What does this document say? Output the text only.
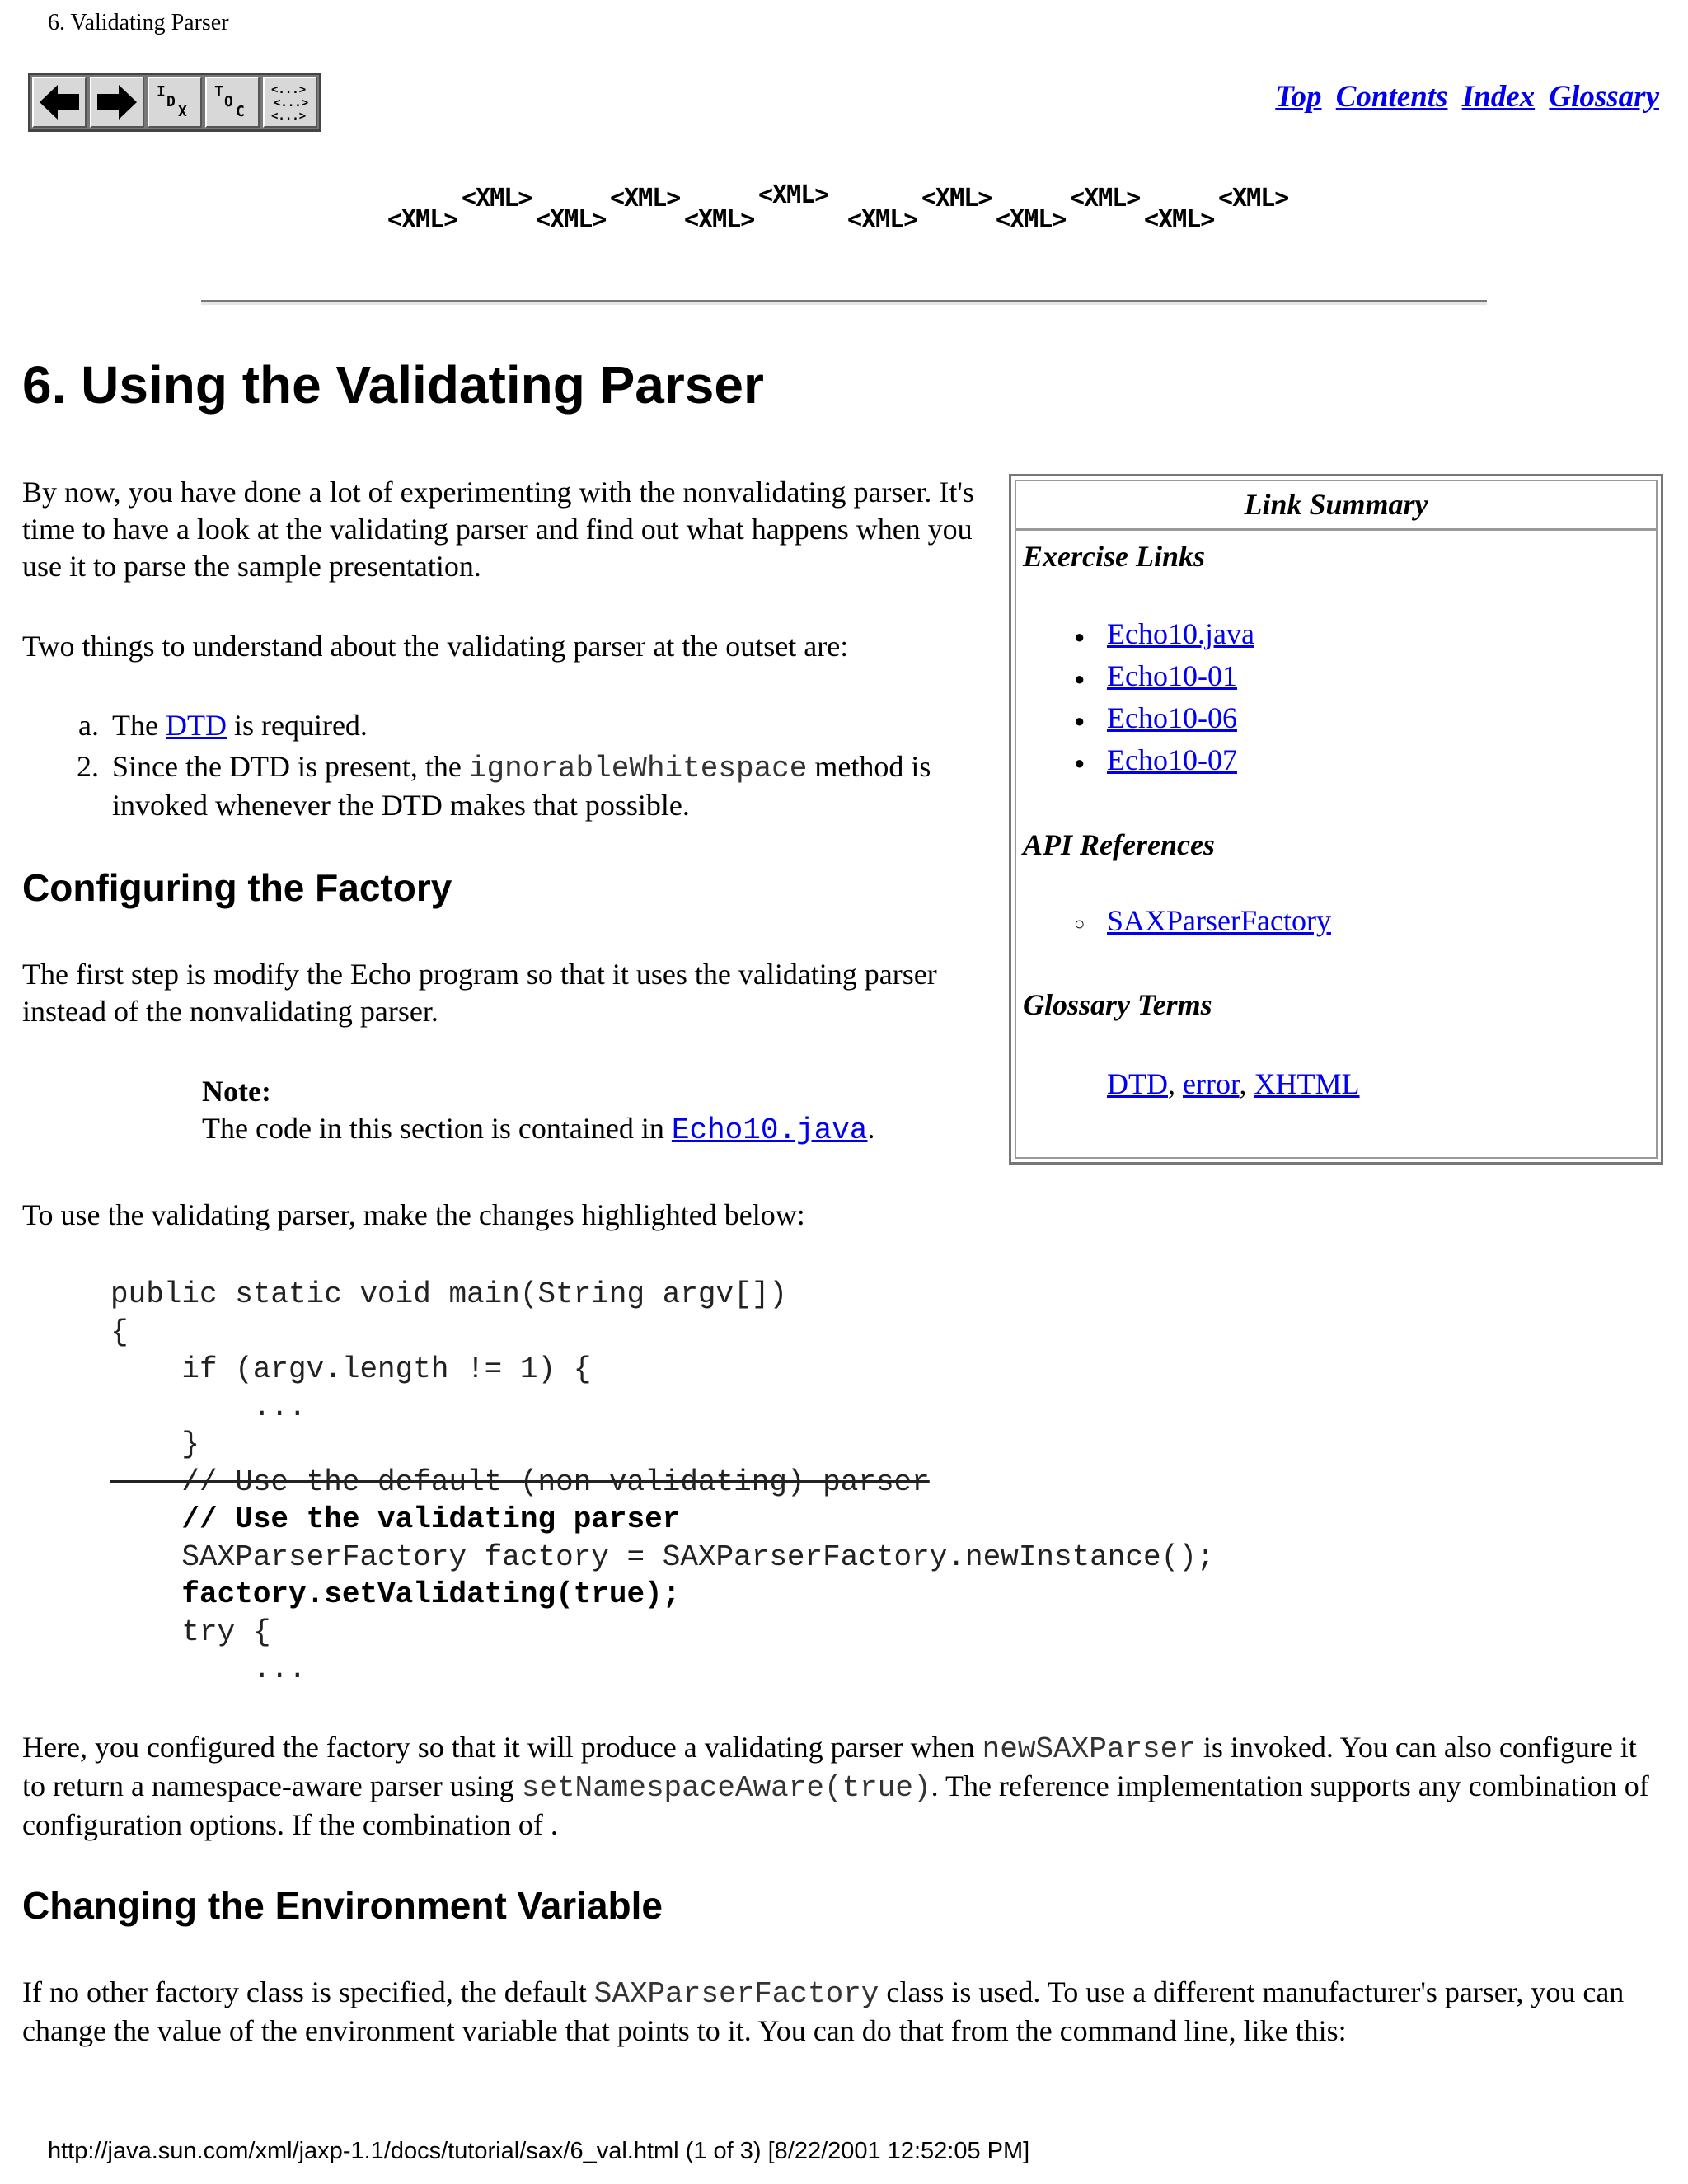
6. Validating Parser
I
D
X
T
O
C
<...>
<...>
<...>
Top Contents Index Glossary
<XML>
<XML>
<XML>
<XML>
<XML>
<XML>
<XML>
<XML>
<XML>
<XML>
<XML>
<XML>
6. Using the Validating Parser

By now, you have done a lot of experimenting with the nonvalidating parser. It's time to have a look at the validating parser and find out what happens when you use it to parse the sample presentation.

Two things to understand about the validating parser at the outset are:

a. The DTD is required.
2. Since the DTD is present, the ignorableWhitespace method is
invoked whenever the DTD makes that possible.
Configuring the Factory

The first step is modify the Echo program so that it uses the validating parser instead of the nonvalidating parser.

Note:
The code in this section is contained in Echo10.java.

To use the validating parser, make the changes highlighted below:

public static void main(String argv[])
{
if (argv.length != 1) {
...
}
// Use the default (non-validating) parser
// Use the validating parser
SAXParserFactory factory = SAXParserFactory.newInstance();
factory.setValidating(true);
try {
...

Here, you configured the factory so that it will produce a validating parser when newSAXParser is invoked. You can also configure it to return a namespace-aware parser using setNamespaceAware(true). The reference implementation supports any combination of configuration options. If the combination of .

Changing the Environment Variable

If no other factory class is specified, the default SAXParserFactory class is used. To use a different manufacturer's parser, you can change the value of the environment variable that points to it. You can do that from the command line, like this:

Link Summary
Exercise Links
● Echo10.java
● Echo10-01
● Echo10-06
● Echo10-07
API References
○ SAXParserFactory
Glossary Terms
DTD, error, XHTML
http://java.sun.com/xml/jaxp-1.1/docs/tutorial/sax/6_val.html (1 of 3) [8/22/2001 12:52:05 PM]
